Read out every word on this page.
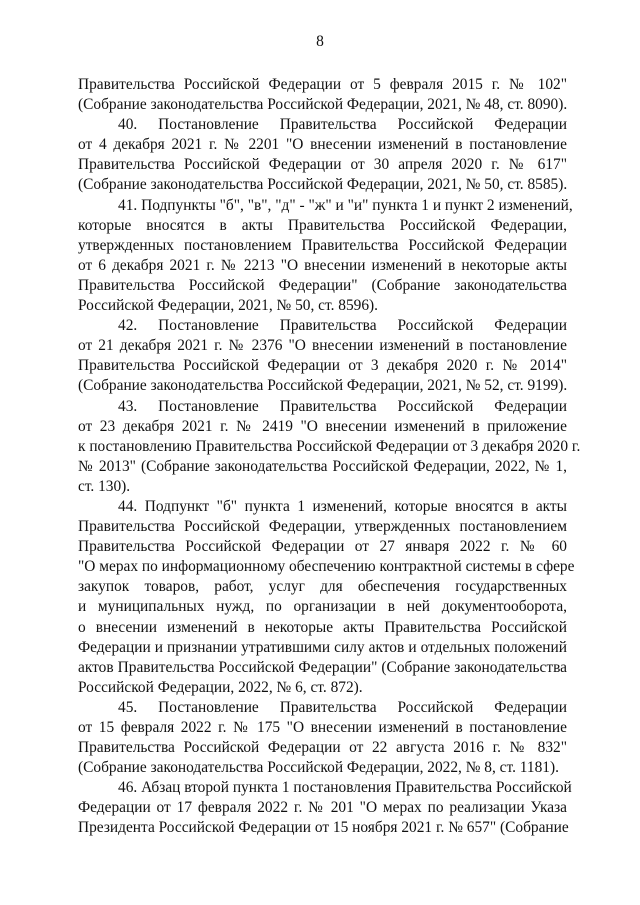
8
Правительства Российской Федерации от 5 февраля 2015 г. № 102"
(Собрание законодательства Российской Федерации, 2021, № 48, ст. 8090).
40. Постановление Правительства Российской Федерации
от 4 декабря 2021 г. № 2201 "О внесении изменений в постановление
Правительства Российской Федерации от 30 апреля 2020 г. № 617"
(Собрание законодательства Российской Федерации, 2021, № 50, ст. 8585).
41. Подпункты "б", "в", "д" - "ж" и "и" пункта 1 и пункт 2 изменений,
которые вносятся в акты Правительства Российской Федерации,
утвержденных постановлением Правительства Российской Федерации
от 6 декабря 2021 г. № 2213 "О внесении изменений в некоторые акты
Правительства Российской Федерации" (Собрание законодательства
Российской Федерации, 2021, № 50, ст. 8596).
42. Постановление Правительства Российской Федерации
от 21 декабря 2021 г. № 2376 "О внесении изменений в постановление
Правительства Российской Федерации от 3 декабря 2020 г. № 2014"
(Собрание законодательства Российской Федерации, 2021, № 52, ст. 9199).
43. Постановление Правительства Российской Федерации
от 23 декабря 2021 г. № 2419 "О внесении изменений в приложение
к постановлению Правительства Российской Федерации от 3 декабря 2020 г.
№ 2013" (Собрание законодательства Российской Федерации, 2022, № 1,
ст. 130).
44. Подпункт "б" пункта 1 изменений, которые вносятся в акты
Правительства Российской Федерации, утвержденных постановлением
Правительства Российской Федерации от 27 января 2022 г. № 60
"О мерах по информационному обеспечению контрактной системы в сфере
закупок товаров, работ, услуг для обеспечения государственных
и муниципальных нужд, по организации в ней документооборота,
о внесении изменений в некоторые акты Правительства Российской
Федерации и признании утратившими силу актов и отдельных положений
актов Правительства Российской Федерации" (Собрание законодательства
Российской Федерации, 2022, № 6, ст. 872).
45. Постановление Правительства Российской Федерации
от 15 февраля 2022 г. № 175 "О внесении изменений в постановление
Правительства Российской Федерации от 22 августа 2016 г. № 832"
(Собрание законодательства Российской Федерации, 2022, № 8, ст. 1181).
46. Абзац второй пункта 1 постановления Правительства Российской
Федерации от 17 февраля 2022 г. № 201 "О мерах по реализации Указа
Президента Российской Федерации от 15 ноября 2021 г. № 657" (Собрание
